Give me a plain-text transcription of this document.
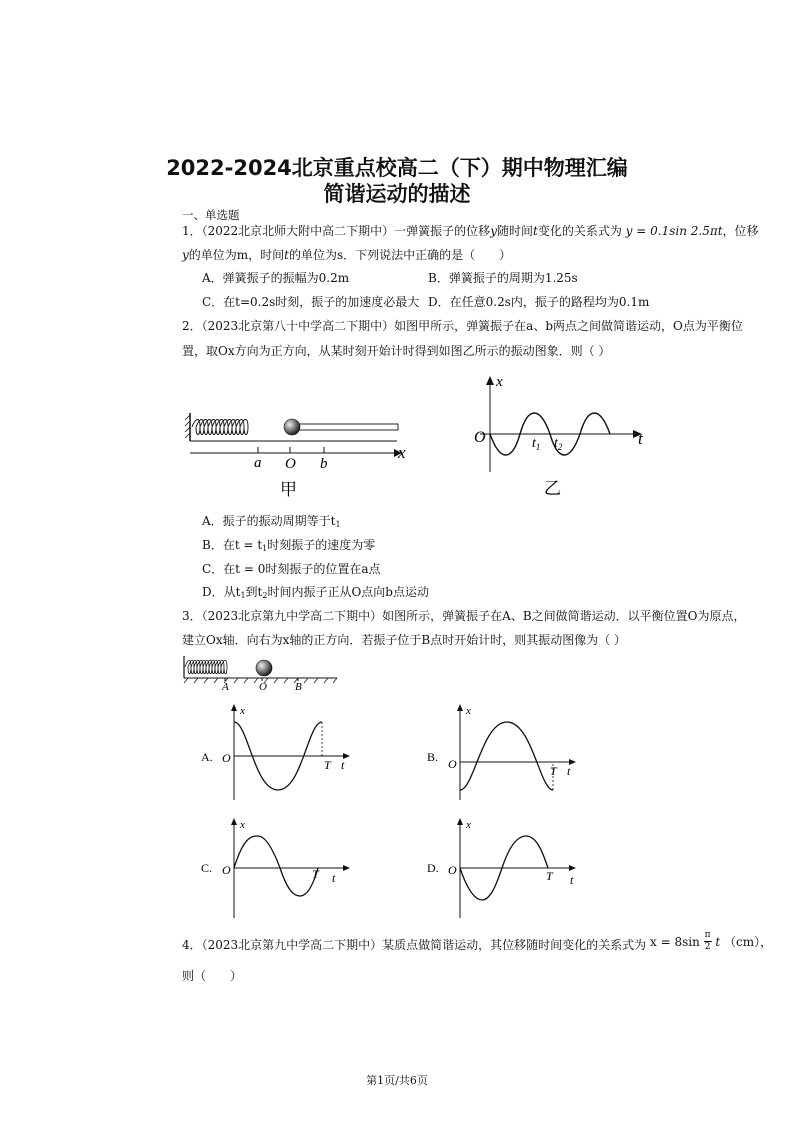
2022-2024北京重点校高二（下）期中物理汇编
简谐运动的描述
一、单选题
1．（2022北京北师大附中高二下期中）一弹簧振子的位移y随时间t变化的关系式为 y = 0.1sin 2.5πt，位移
y的单位为m，时间t的单位为s．下列说法中正确的是（　　）
A．弹簧振子的振幅为0.2m	B．弹簧振子的周期为1.25s
C．在t=0.2s时刻，振子的加速度必最大 D．在任意0.2s内，振子的路程均为0.1m
2．（2023北京第八十中学高二下期中）如图甲所示，弹簧振子在a、b两点之间做简谐运动，O点为平衡位
置，取Ox方向为正方向，从某时刻开始计时得到如图乙所示的振动图象．则（ ）
a O b
x
甲
x
O	$t_1$ $t_2$	t
乙
A．振子的振动周期等于$t_1$
B．在$t = t_1$时刻振子的速度为零
C．在t = 0时刻振子的位置在a点
D．从$t_1$到$t_2$时间内振子正从O点向b点运动
3．（2023北京第九中学高二下期中）如图所示，弹簧振子在A、B之间做简谐运动．以平衡位置O为原点，
建立Ox轴．向右为x轴的正方向．若振子位于B点时开始计时，则其振动图像为（ ）
A	O	B
A.
x
O	T t
B.
x
O	T t
C.
x
O	T t
D.
x
O	T t
4．（2023北京第九中学高二下期中）某质点做简谐运动，其位移随时间变化的关系式为 $x = 8\sin \frac{\pi}{2}$ t （cm），
则（　　）
第1页/共6页
